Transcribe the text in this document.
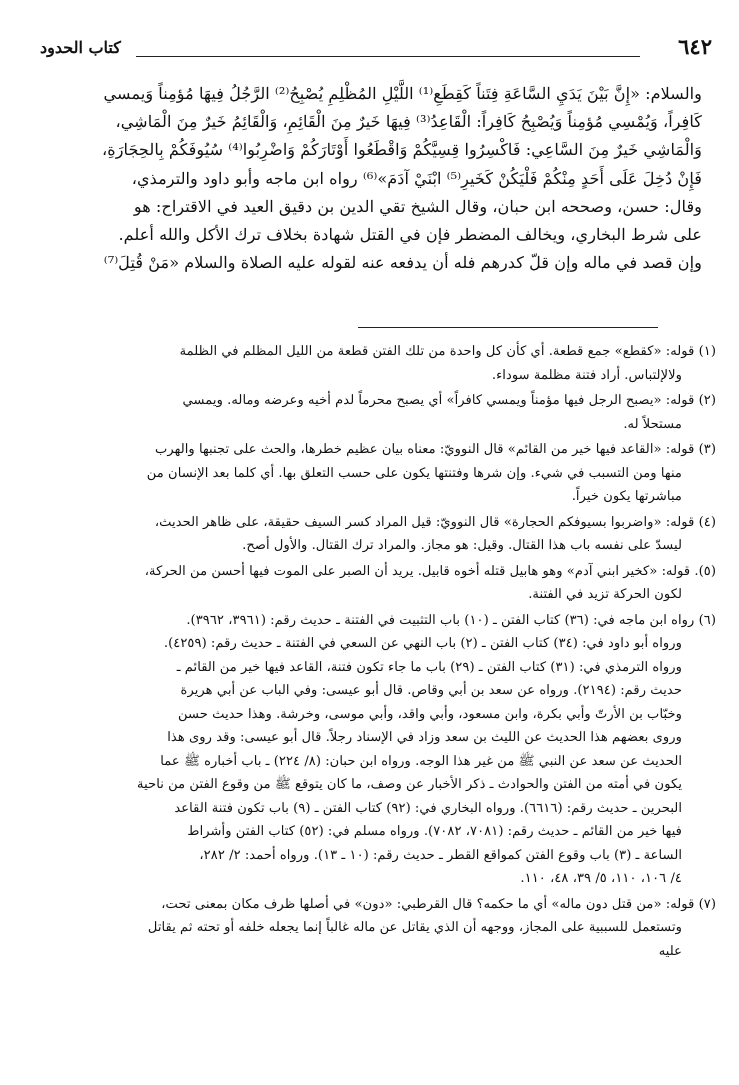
٦٤٢
كتاب الحدود

والسلام: «إِنَّ بَيْنَ يَدَيِ السَّاعَةِ فِتَناً كَقِطَعِ⁽¹⁾ اللَّيْلِ المُظْلِمِ يُصْبِحُ⁽²⁾ الرَّجُلُ فِيهَا مُؤمِناً وَيمسي

كَافِراً، وَيُمْسِي مُؤمِناً وَيُصْبِحُ كَافِراً: الْقَاعِدُ⁽³⁾ فِيهَا خَيرٌ مِنَ الْقَائِمِ، وَالْقَائِمُ خَيرٌ مِنَ الْمَاشِي،

وَالْمَاشِي خَيرٌ مِنَ السَّاعِي: فَاكْسِرُوا قِسِيَّكُمْ وَاقْطَعُوا أَوْتَارَكُمْ وَاضْرِبُوا⁽⁴⁾ سُيُوفَكُمْ بِالحِجَارَةِ،

فَإِنْ دُخِلَ عَلَى أَحَدٍ مِنْكُمْ فَلْيَكُنْ كَخَيرِ⁽⁵⁾ ابْنَيْ آدَمَ»⁽⁶⁾ رواه ابن ماجه وأبو داود والترمذي،

وقال: حسن، وصححه ابن حبان، وقال الشيخ تقي الدين بن دقيق العيد في الاقتراح: هو

على شرط البخاري، ويخالف المضطر فإن في القتل شهادة بخلاف ترك الأكل والله أعلم.

وإن قصد في ماله وإن قلّ كدرهم فله أن يدفعه عنه لقوله عليه الصلاة والسلام «مَنْ قُتِلَ⁽⁷⁾

(١) قوله: «كقطع» جمع قطعة. أي كأن كل واحدة من تلك الفتن قطعة من الليل المظلم في الظلمة

ولالإلتباس. أراد فتنة مظلمة سوداء.

(٢) قوله: «يصبح الرجل فيها مؤمناً ويمسي كافراً» أي يصبح محرماً لدم أخيه وعرضه وماله. ويمسي

مستحلاً له.

(٣) قوله: «القاعد فيها خير من القائم» قال النوويّ: معناه بيان عظيم خطرها، والحث على تجنبها والهرب

منها ومن التسبب في شيء. وإن شرها وفتنتها يكون على حسب التعلق بها. أي كلما بعد الإنسان من

مباشرتها يكون خيراً.

(٤) قوله: «واضربوا بسيوفكم الحجارة» قال النوويّ: قيل المراد كسر السيف حقيقة، على ظاهر الحديث،

ليسدّ على نفسه باب هذا القتال. وقيل: هو مجاز. والمراد ترك القتال. والأول أصح.

(٥). قوله: «كخير ابني آدم» وهو هابيل قتله أخوه قابيل. يريد أن الصبر على الموت فيها أحسن من الحركة،

لكون الحركة تزيد في الفتنة.

(٦) رواه ابن ماجه في: (٣٦) كتاب الفتن ـ (١٠) باب التثبيت في الفتنة ـ حديث رقم: (٣٩٦١، ٣٩٦٢).

ورواه أبو داود في: (٣٤) كتاب الفتن ـ (٢) باب النهي عن السعي في الفتنة ـ حديث رقم: (٤٢٥٩).

ورواه الترمذي في: (٣١) كتاب الفتن ـ (٢٩) باب ما جاء تكون فتنة، القاعد فيها خير من القائم ـ

حديث رقم: (٢١٩٤). ورواه عن سعد بن أبي وقاص. قال أبو عيسى: وفي الباب عن أبي هريرة

وخبّاب بن الأرتّ وأبي بكرة، وابن مسعود، وأبي واقد، وأبي موسى، وخرشة. وهذا حديث حسن

وروى بعضهم هذا الحديث عن الليث بن سعد وزاد في الإسناد رجلاً. قال أبو عيسى: وقد روى هذا

الحديث عن سعد عن النبي ﷺ من غير هذا الوجه. ورواه ابن حبان: (٨/ ٢٢٤) ـ باب أخباره ﷺ عما

يكون في أمته من الفتن والحوادث ـ ذكر الأخبار عن وصف، ما كان يتوقع ﷺ من وقوع الفتن من ناحية

البحرين ـ حديث رقم: (٦٦١٦). ورواه البخاري في: (٩٢) كتاب الفتن ـ (٩) باب تكون فتنة القاعد

فيها خير من القائم ـ حديث رقم: (٧٠٨١، ٧٠٨٢). ورواه مسلم في: (٥٢) كتاب الفتن وأشراط

الساعة ـ (٣) باب وقوع الفتن كمواقع القطر ـ حديث رقم: (١٠ ـ ١٣). ورواه أحمد: ٢/ ٢٨٢،

٤/ ١٠٦، ١١٠، ٥/ ٣٩، ٤٨، ١١٠.

(٧) قوله: «من قتل دون ماله» أي ما حكمه؟ قال القرطبي: «دون» في أصلها ظرف مكان بمعنى تحت،

وتستعمل للسببية على المجاز، ووجهه أن الذي يقاتل عن ماله غالباً إنما يجعله خلفه أو تحته ثم يقاتل

عليه
